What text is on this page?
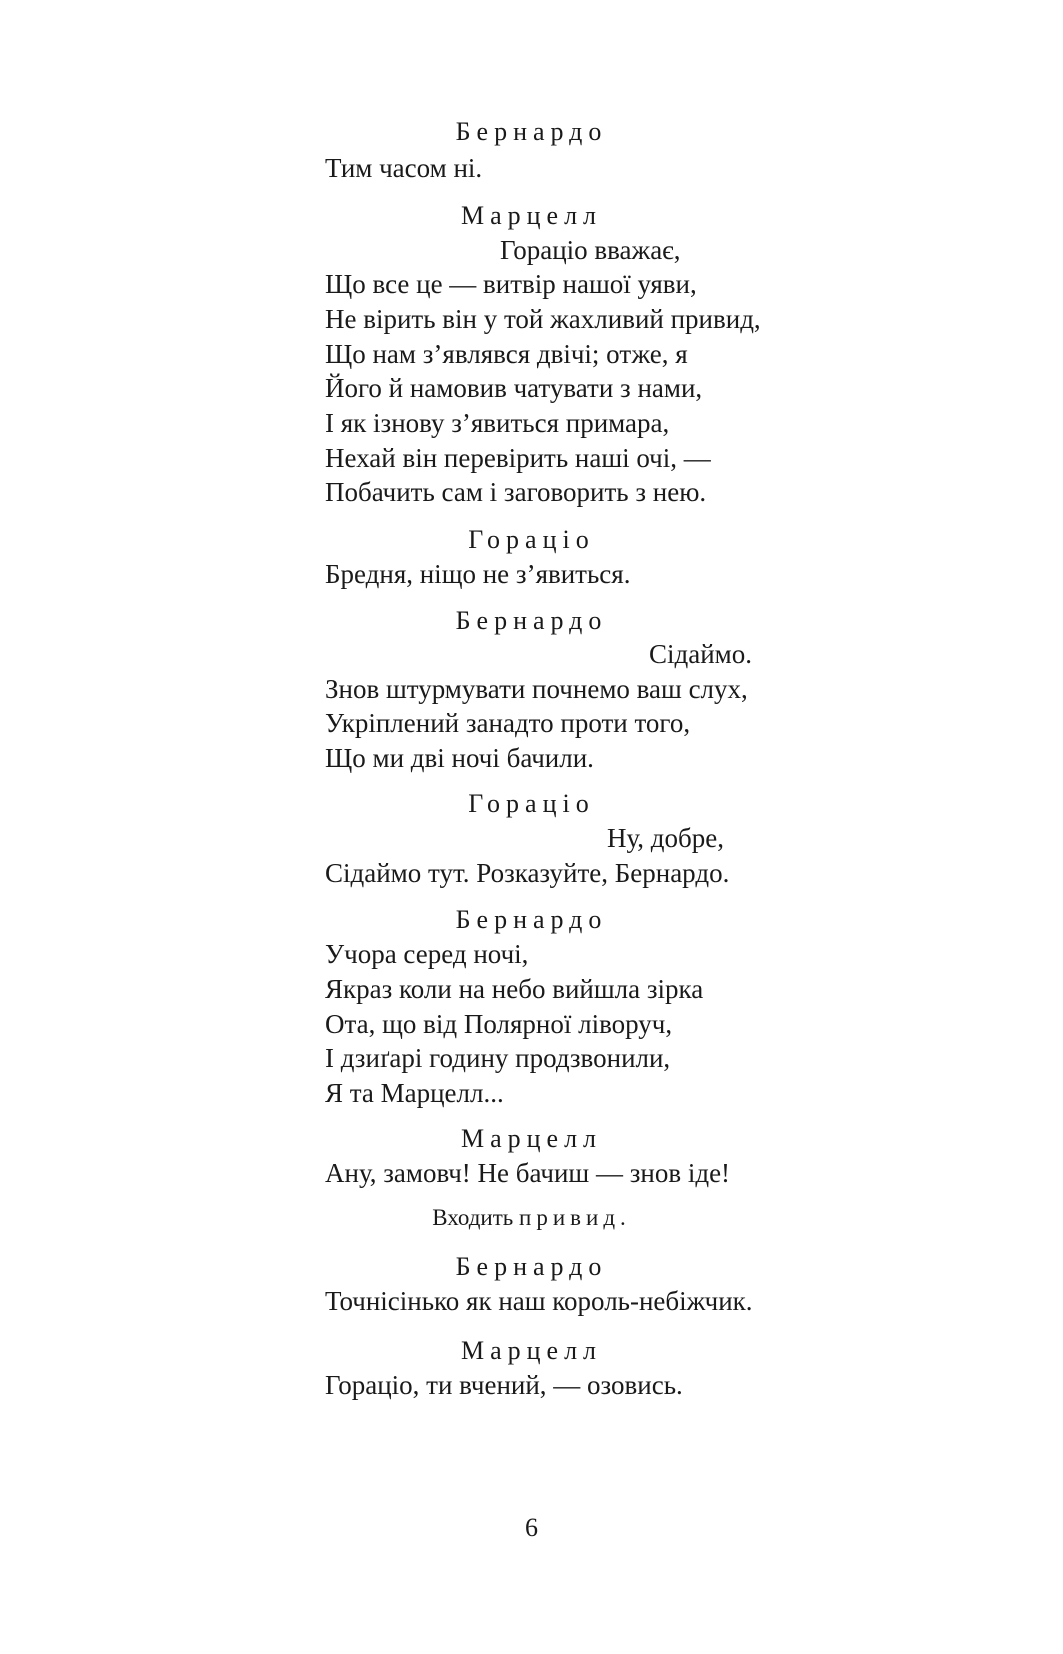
Бернардо
Тим часом ні.
Марцелл
Гораціо вважає,
Що все це — витвір нашої уяви,
Не вірить він у той жахливий привид,
Що нам з’являвся двічі; отже, я
Його й намовив чатувати з нами,
І як ізнову з’явиться примара,
Нехай він перевірить наші очі, —
Побачить сам і заговорить з нею.
Гораціо
Бредня, ніщо не з’явиться.
Бернардо
Сідаймо.
Знов штурмувати почнемо ваш слух,
Укріплений занадто проти того,
Що ми дві ночі бачили.
Гораціо
Ну, добре,
Сідаймо тут. Розказуйте, Бернардо.
Бернардо
Учора серед ночі,
Якраз коли на небо вийшла зірка
Ота, що від Полярної ліворуч,
І дзиґарі годину продзвонили,
Я та Марцелл...
Марцелл
Ану, замовч! Не бачиш — знов іде!
Входить привид.
Бернардо
Точнісінько як наш король-небіжчик.
Марцелл
Гораціо, ти вчений, — озовись.
6
